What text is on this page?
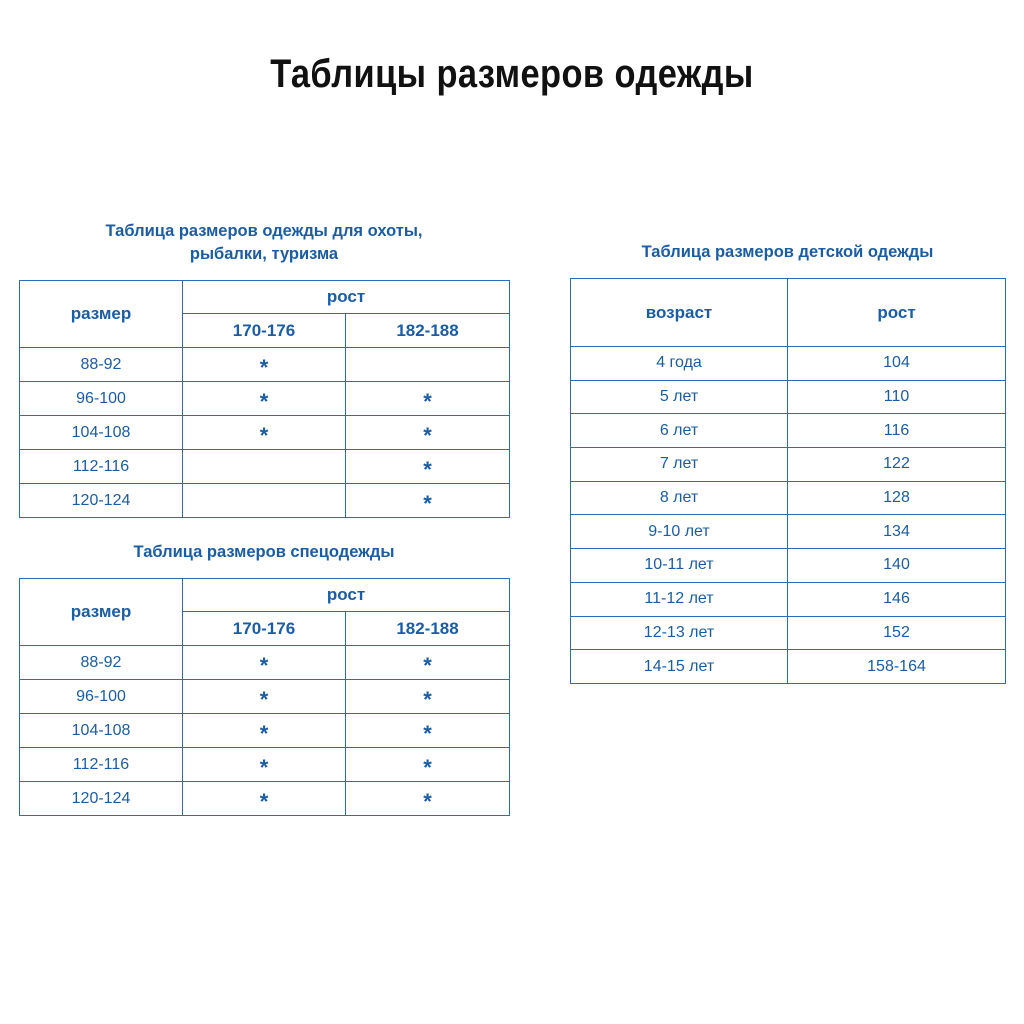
Таблицы размеров одежды
Таблица размеров одежды для охоты,
рыбалки, туризма
размер	рост	
	170-176	182-188
88-92	*	
96-100	*	*
104-108	*	*
112-116		*
120-124		*
Таблица размеров спецодежды
размер	рост	
	170-176	182-188
88-92	*	*
96-100	*	*
104-108	*	*
112-116	*	*
120-124	*	*
Таблица размеров детской одежды
возраст	рост
4 года	104
5 лет	110
6 лет	116
7 лет	122
8 лет	128
9-10 лет	134
10-11 лет	140
11-12 лет	146
12-13 лет	152
14-15 лет	158-164
